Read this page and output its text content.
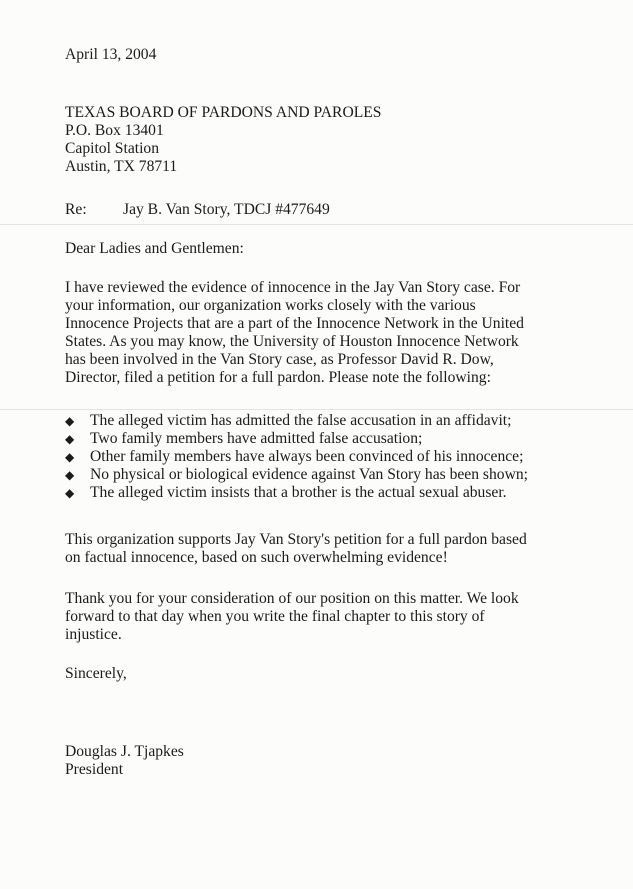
April 13, 2004
TEXAS BOARD OF PARDONS AND PAROLES
P.O. Box 13401
Capitol Station
Austin, TX 78711
Re: Jay B. Van Story, TDCJ #477649
Dear Ladies and Gentlemen:
I have reviewed the evidence of innocence in the Jay Van Story case. For
your information, our organization works closely with the various
Innocence Projects that are a part of the Innocence Network in the United
States. As you may know, the University of Houston Innocence Network
has been involved in the Van Story case, as Professor David R. Dow,
Director, filed a petition for a full pardon. Please note the following:
◆ The alleged victim has admitted the false accusation in an affidavit;
◆ Two family members have admitted false accusation;
◆ Other family members have always been convinced of his innocence;
◆ No physical or biological evidence against Van Story has been shown;
◆ The alleged victim insists that a brother is the actual sexual abuser.
This organization supports Jay Van Story's petition for a full pardon based
on factual innocence, based on such overwhelming evidence!
Thank you for your consideration of our position on this matter. We look
forward to that day when you write the final chapter to this story of
injustice.
Sincerely,
Douglas J. Tjapkes
President
